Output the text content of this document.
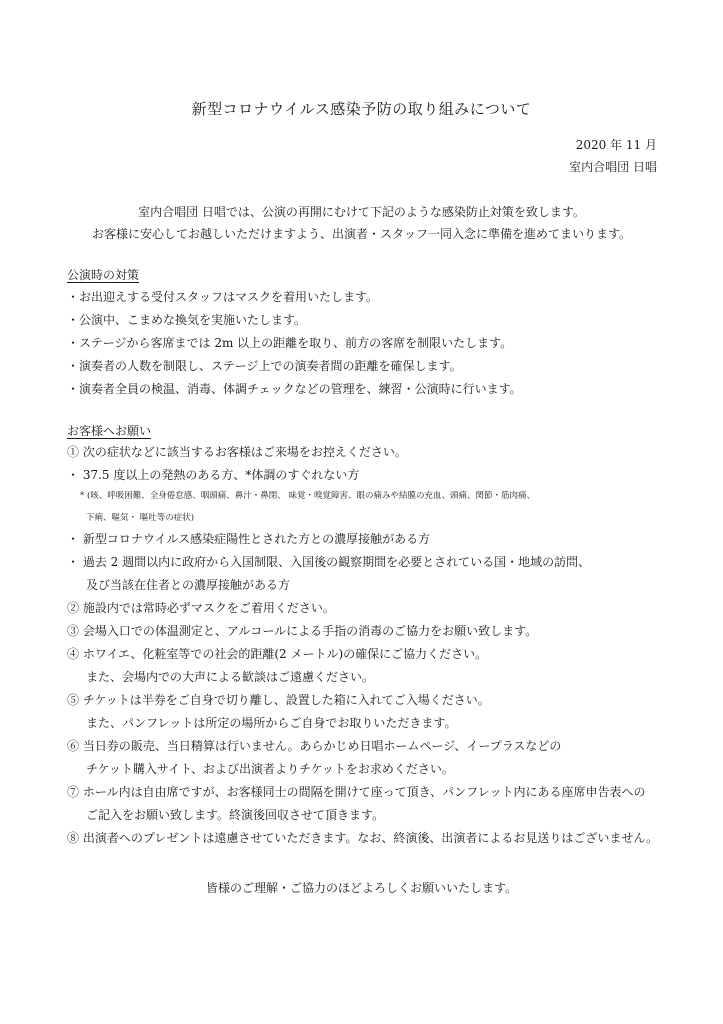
新型コロナウイルス感染予防の取り組みについて
2020 年 11 月
室内合唱団 日唱
室内合唱団 日唱では、公演の再開にむけて下記のような感染防止対策を致します。
お客様に安心してお越しいただけますよう、出演者・スタッフ一同入念に準備を進めてまいります。
公演時の対策
・お出迎えする受付スタッフはマスクを着用いたします。
・公演中、こまめな換気を実施いたします。
・ステージから客席までは 2m 以上の距離を取り、前方の客席を制限いたします。
・演奏者の人数を制限し、ステージ上での演奏者間の距離を確保します。
・演奏者全員の検温、消毒、体調チェックなどの管理を、練習・公演時に行います。
お客様へお願い
① 次の症状などに該当するお客様はご来場をお控えください。
・ 37.5 度以上の発熱のある方、*体調のすぐれない方
* (咳、呼吸困難、全身倦怠感、咽頭痛、鼻汁・鼻閉、 味覚・嗅覚障害、眼の痛みや結膜の充血、頭痛、関節・筋肉痛、
下痢、嘔気・ 嘔吐等の症状)
・ 新型コロナウイルス感染症陽性とされた方との濃厚接触がある方
・ 過去 2 週間以内に政府から入国制限、入国後の観察期間を必要とされている国・地域の訪問、
及び当該在住者との濃厚接触がある方
② 施設内では常時必ずマスクをご着用ください。
③ 会場入口での体温測定と、アルコールによる手指の消毒のご協力をお願い致します。
④ ホワイエ、化粧室等での社会的距離(2 メートル)の確保にご協力ください。
また、会場内での大声による歓談はご遠慮ください。
⑤ チケットは半券をご自身で切り離し、設置した箱に入れてご入場ください。
また、パンフレットは所定の場所からご自身でお取りいただきます。
⑥ 当日券の販売、当日精算は行いません。あらかじめ日唱ホームページ、イープラスなどの
チケット購入サイト、および出演者よりチケットをお求めください。
⑦ ホール内は自由席ですが、お客様同士の間隔を開けて座って頂き、パンフレット内にある座席申告表への
ご記入をお願い致します。終演後回収させて頂きます。
⑧ 出演者へのプレゼントは遠慮させていただきます。なお、終演後、出演者によるお見送りはございません。
皆様のご理解・ご協力のほどよろしくお願いいたします。
